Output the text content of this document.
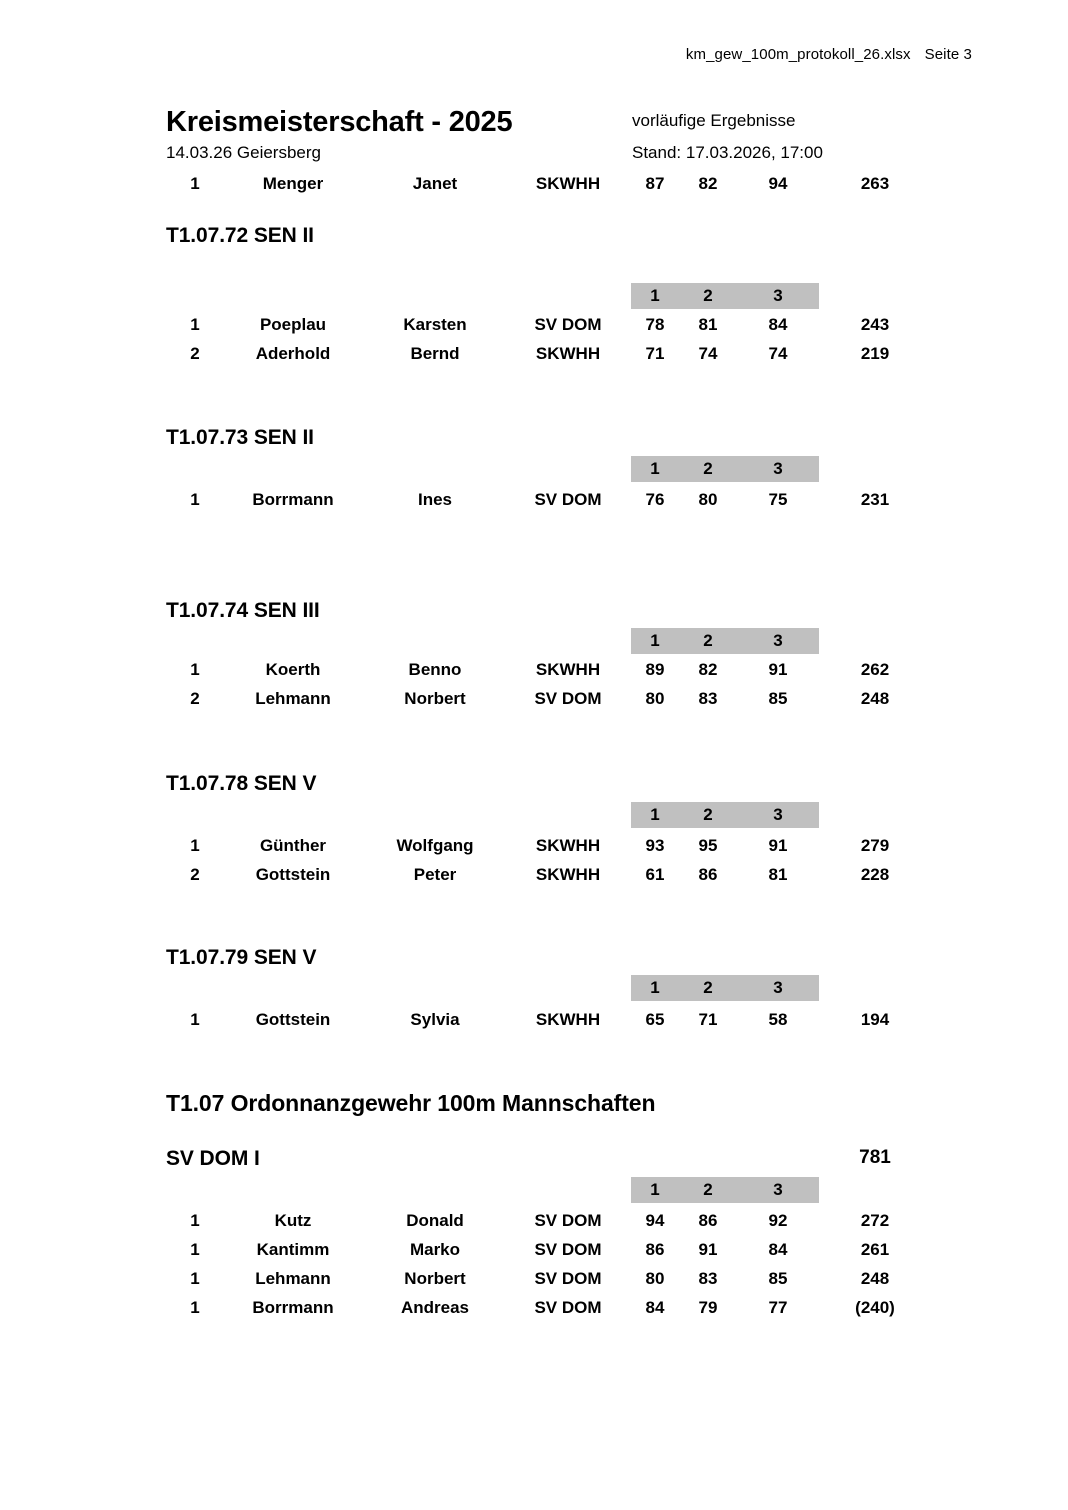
km_gew_100m_protokoll_26.xlsx Seite 3
Kreismeisterschaft - 2025	vorläufige Ergebnisse
14.03.26 Geiersberg	Stand: 17.03.2026, 17:00
1	Menger	Janet	SKWHH	87	82	94	263
T1.07.72 SEN II
1	2	3
1	Poeplau	Karsten	SV DOM	78	81	84	243
2	Aderhold	Bernd	SKWHH	71	74	74	219
T1.07.73 SEN II
1	2	3
1	Borrmann	Ines	SV DOM	76	80	75	231
T1.07.74 SEN III
1	2	3
1	Koerth	Benno	SKWHH	89	82	91	262
2	Lehmann	Norbert	SV DOM	80	83	85	248
T1.07.78 SEN V
1	2	3
1	Günther	Wolfgang	SKWHH	93	95	91	279
2	Gottstein	Peter	SKWHH	61	86	81	228
T1.07.79 SEN V
1	2	3
1	Gottstein	Sylvia	SKWHH	65	71	58	194
T1.07 Ordonnanzgewehr 100m Mannschaften
SV DOM I	781
1	2	3
1	Kutz	Donald	SV DOM	94	86	92	272
1	Kantimm	Marko	SV DOM	86	91	84	261
1	Lehmann	Norbert	SV DOM	80	83	85	248
1	Borrmann	Andreas	SV DOM	84	79	77	(240)
